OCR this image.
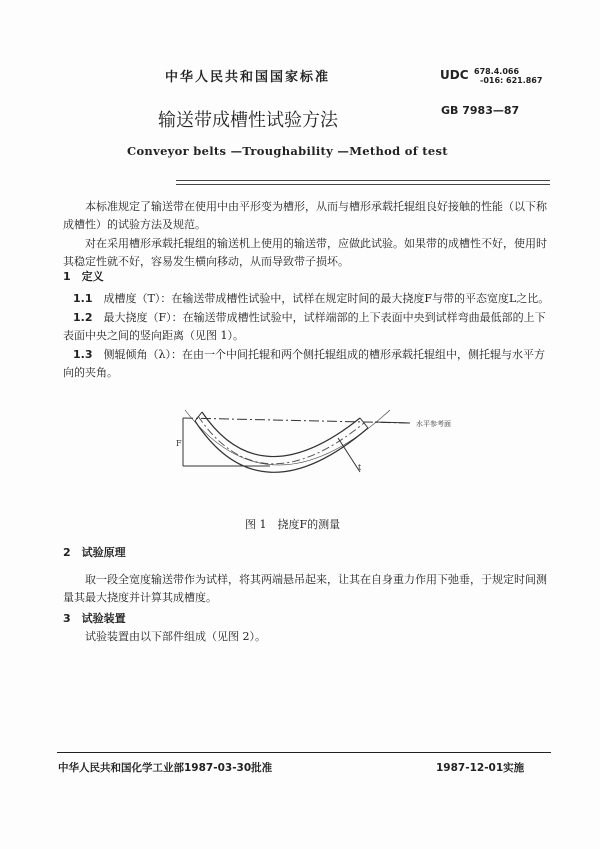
中华人民共和国国家标准	UDC 678.4.066
-016: 621.867
GB 7983—87
输送带成槽性试验方法
Conveyor belts —Troughability —Method of test
本标准规定了输送带在使用中由平形变为槽形，从而与槽形承载托辊组良好接触的性能（以下称成槽性）的试验方法及规范。
对在采用槽形承载托辊组的输送机上使用的输送带，应做此试验。如果带的成槽性不好，使用时其稳定性就不好，容易发生横向移动，从而导致带子损坏。
1　定义
1.1　 成槽度（T）：在输送带成槽性试验中，试样在规定时间的最大挠度F与带的平态宽度L之比。
1.2　 最大挠度（F）：在输送带成槽性试验中，试样端部的上下表面中央到试样弯曲最低部的上下表面中央之间的竖向距离（见图 1）。
1.3　 侧辊倾角（λ）：在由一个中间托辊和两个侧托辊组成的槽形承载托辊组中，侧托辊与水平方向的夹角。
F
t
水平参考面
图 1　挠度F的测量
2　试验原理
取一段全宽度输送带作为试样，将其两端悬吊起来，让其在自身重力作用下弛垂，于规定时间测量其最大挠度并计算其成槽度。
3　试验装置
试验装置由以下部件组成（见图 2）。
中华人民共和国化学工业部1987-03-30批准	1987-12-01实施
